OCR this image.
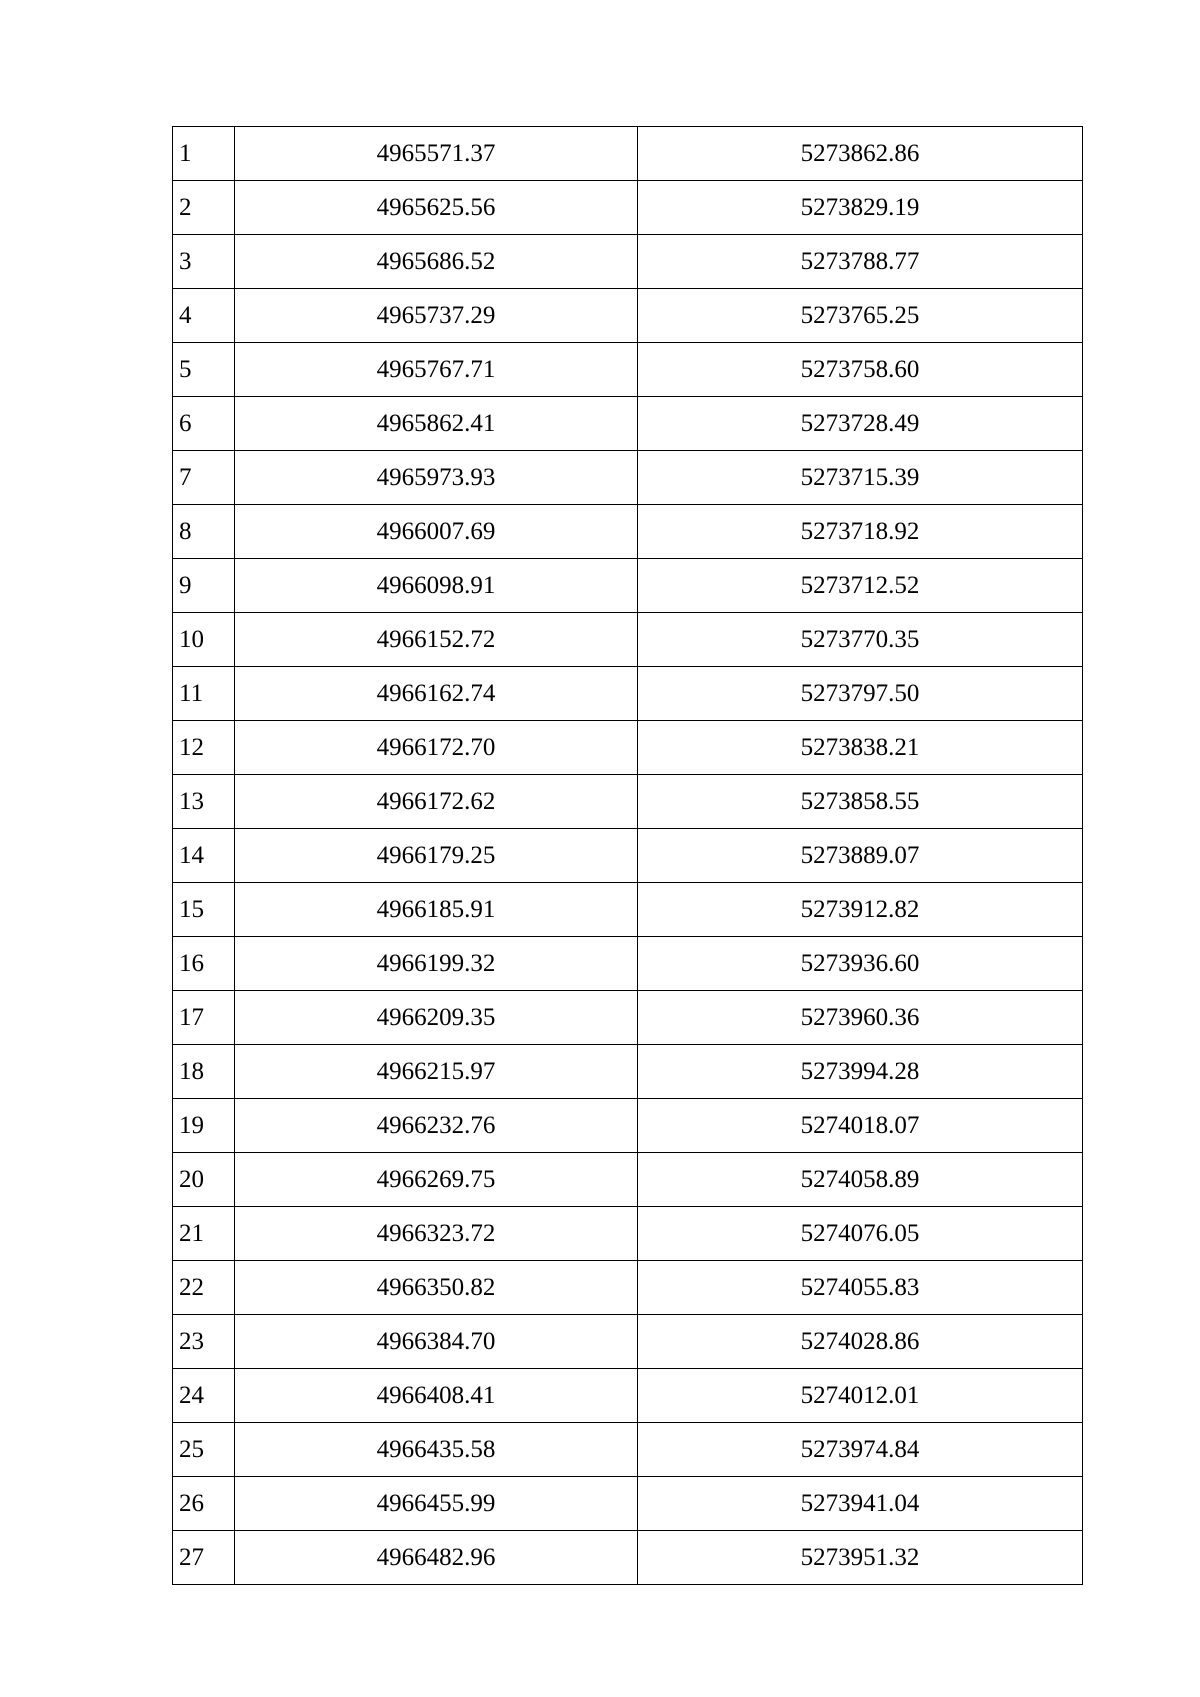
1	4965571.37	5273862.86
2	4965625.56	5273829.19
3	4965686.52	5273788.77
4	4965737.29	5273765.25
5	4965767.71	5273758.60
6	4965862.41	5273728.49
7	4965973.93	5273715.39
8	4966007.69	5273718.92
9	4966098.91	5273712.52
10	4966152.72	5273770.35
11	4966162.74	5273797.50
12	4966172.70	5273838.21
13	4966172.62	5273858.55
14	4966179.25	5273889.07
15	4966185.91	5273912.82
16	4966199.32	5273936.60
17	4966209.35	5273960.36
18	4966215.97	5273994.28
19	4966232.76	5274018.07
20	4966269.75	5274058.89
21	4966323.72	5274076.05
22	4966350.82	5274055.83
23	4966384.70	5274028.86
24	4966408.41	5274012.01
25	4966435.58	5273974.84
26	4966455.99	5273941.04
27	4966482.96	5273951.32
